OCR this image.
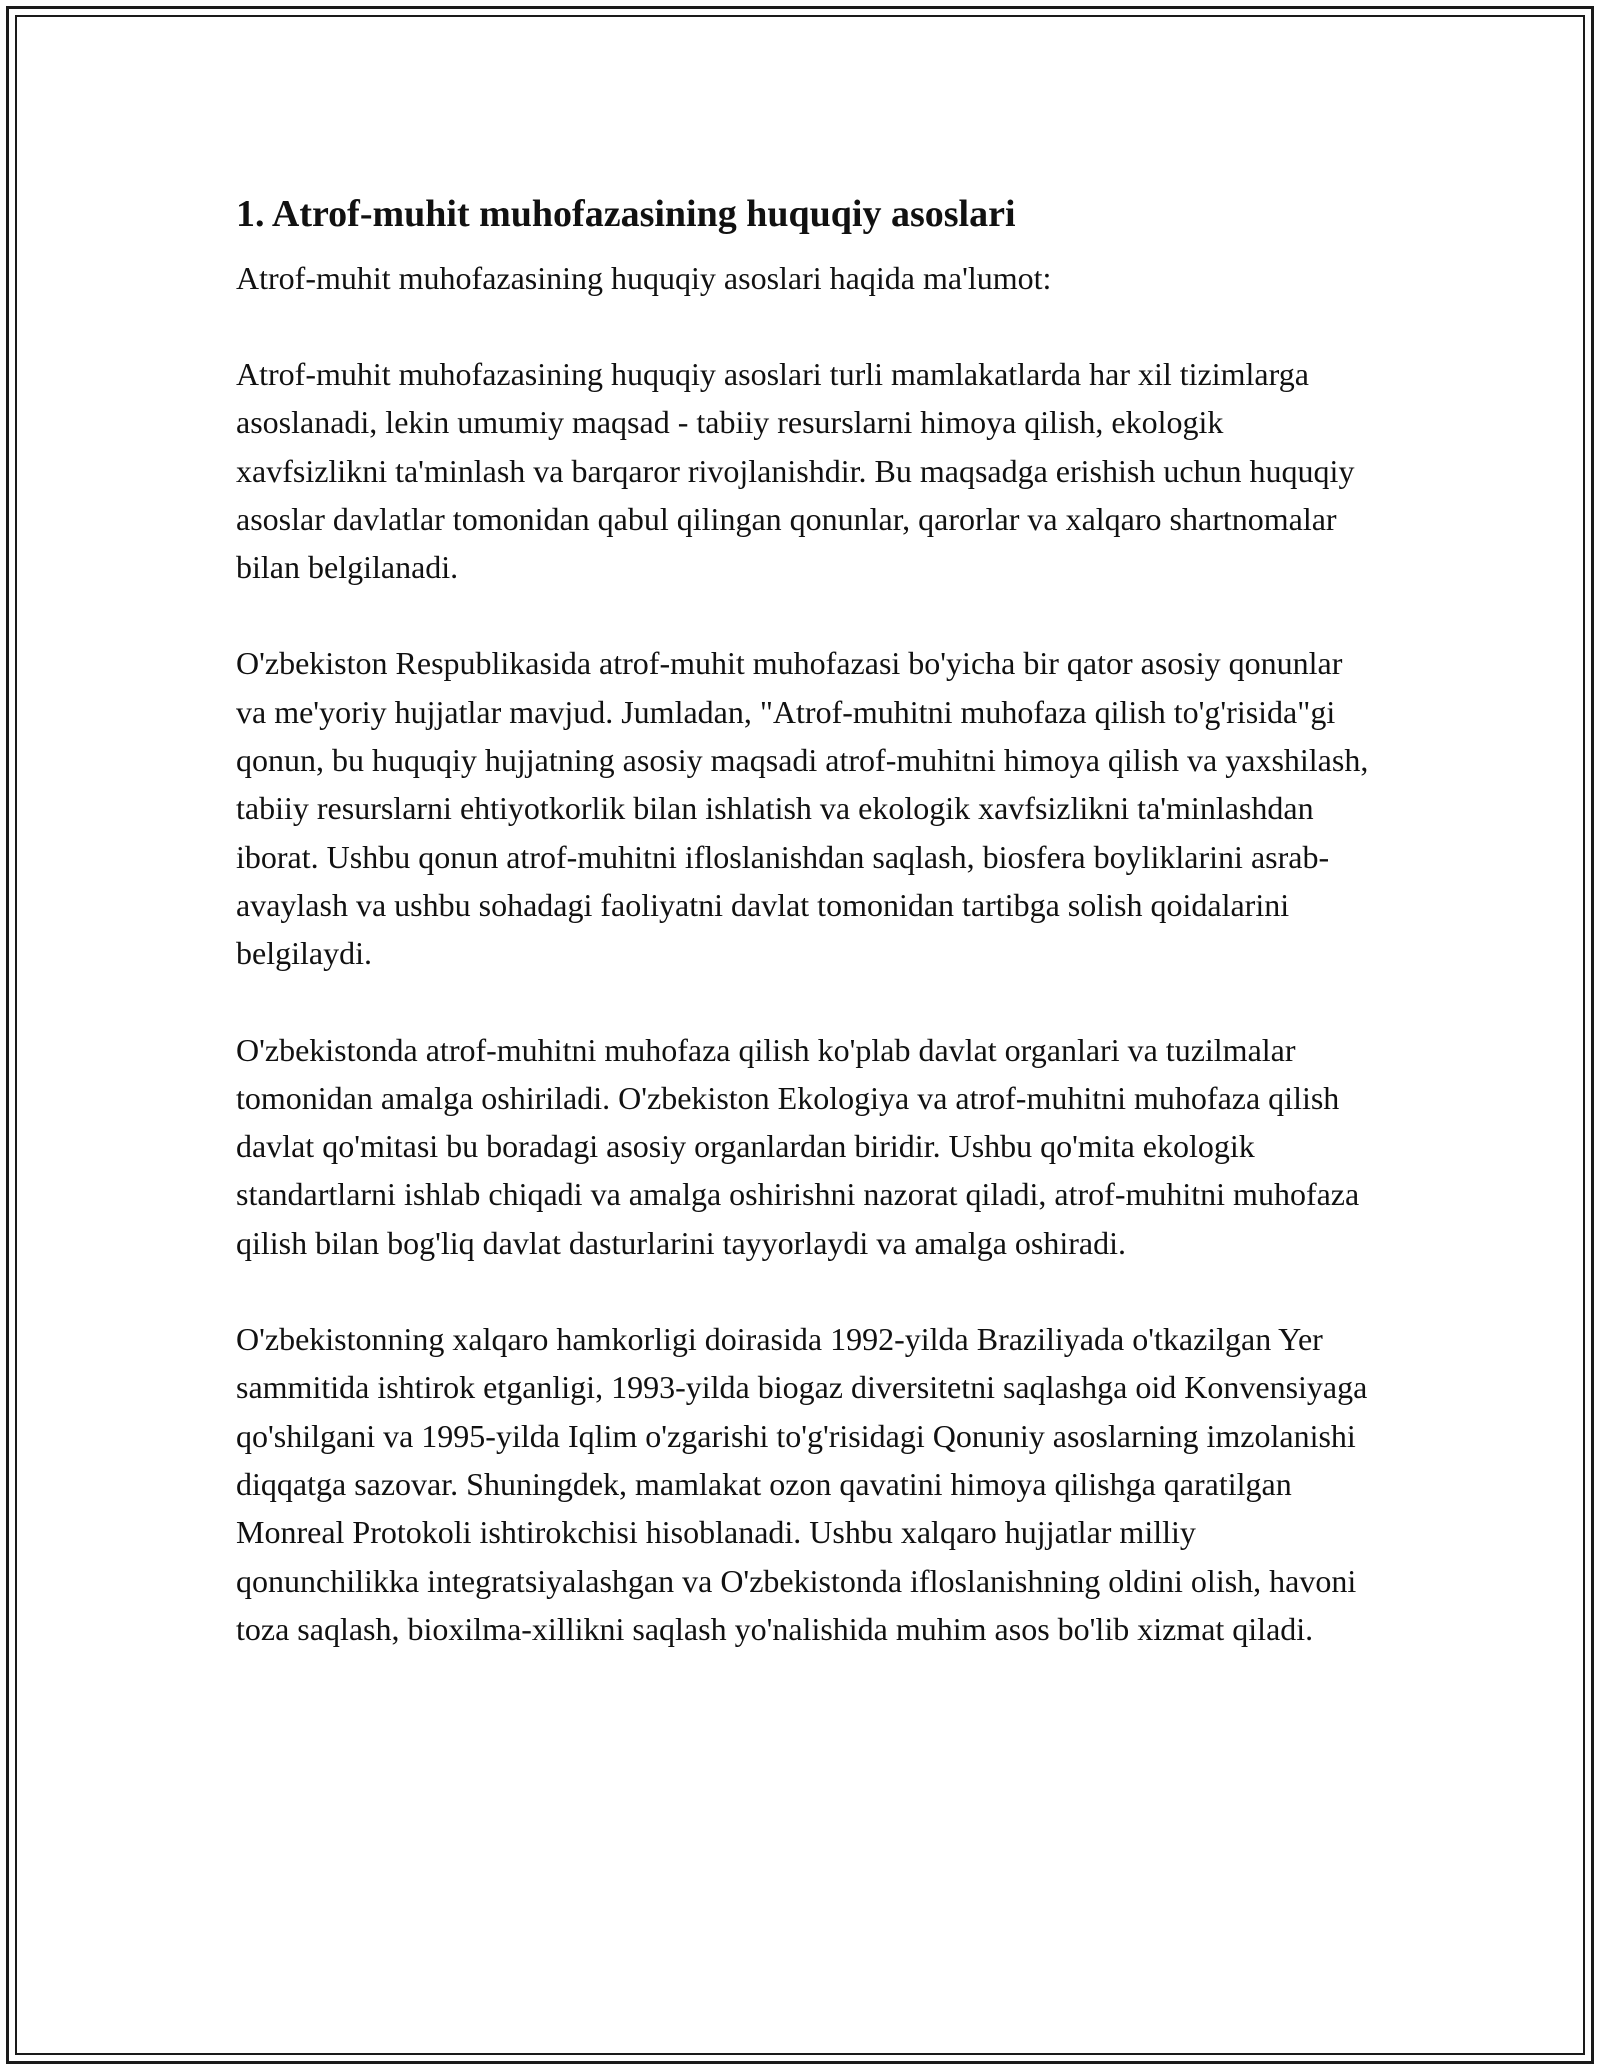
1. Atrof-muhit muhofazasining huquqiy asoslari

Atrof-muhit muhofazasining huquqiy asoslari haqida ma'lumot:

Atrof-muhit muhofazasining huquqiy asoslari turli mamlakatlarda har xil tizimlarga asoslanadi, lekin umumiy maqsad - tabiiy resurslarni himoya qilish, ekologik xavfsizlikni ta'minlash va barqaror rivojlanishdir. Bu maqsadga erishish uchun huquqiy asoslar davlatlar tomonidan qabul qilingan qonunlar, qarorlar va xalqaro shartnomalar bilan belgilanadi.

O'zbekiston Respublikasida atrof-muhit muhofazasi bo'yicha bir qator asosiy qonunlar va me'yoriy hujjatlar mavjud. Jumladan, "Atrof-muhitni muhofaza qilish to'g'risida"gi qonun, bu huquqiy hujjatning asosiy maqsadi atrof-muhitni himoya qilish va yaxshilash, tabiiy resurslarni ehtiyotkorlik bilan ishlatish va ekologik xavfsizlikni ta'minlashdan iborat. Ushbu qonun atrof-muhitni ifloslanishdan saqlash, biosfera boyliklarini asrab-avaylash va ushbu sohadagi faoliyatni davlat tomonidan tartibga solish qoidalarini belgilaydi.

O'zbekistonda atrof-muhitni muhofaza qilish ko'plab davlat organlari va tuzilmalar tomonidan amalga oshiriladi. O'zbekiston Ekologiya va atrof-muhitni muhofaza qilish davlat qo'mitasi bu boradagi asosiy organlardan biridir. Ushbu qo'mita ekologik standartlarni ishlab chiqadi va amalga oshirishni nazorat qiladi, atrof-muhitni muhofaza qilish bilan bog'liq davlat dasturlarini tayyorlaydi va amalga oshiradi.

O'zbekistonning xalqaro hamkorligi doirasida 1992-yilda Braziliyada o'tkazilgan Yer sammitida ishtirok etganligi, 1993-yilda biogaz diversitetni saqlashga oid Konvensiyaga qo'shilgani va 1995-yilda Iqlim o'zgarishi to'g'risidagi Qonuniy asoslarning imzolanishi diqqatga sazovar. Shuningdek, mamlakat ozon qavatini himoya qilishga qaratilgan Monreal Protokoli ishtirokchisi hisoblanadi. Ushbu xalqaro hujjatlar milliy qonunchilikka integratsiyalashgan va O'zbekistonda ifloslanishning oldini olish, havoni toza saqlash, bioxilma-xillikni saqlash yo'nalishida muhim asos bo'lib xizmat qiladi.
